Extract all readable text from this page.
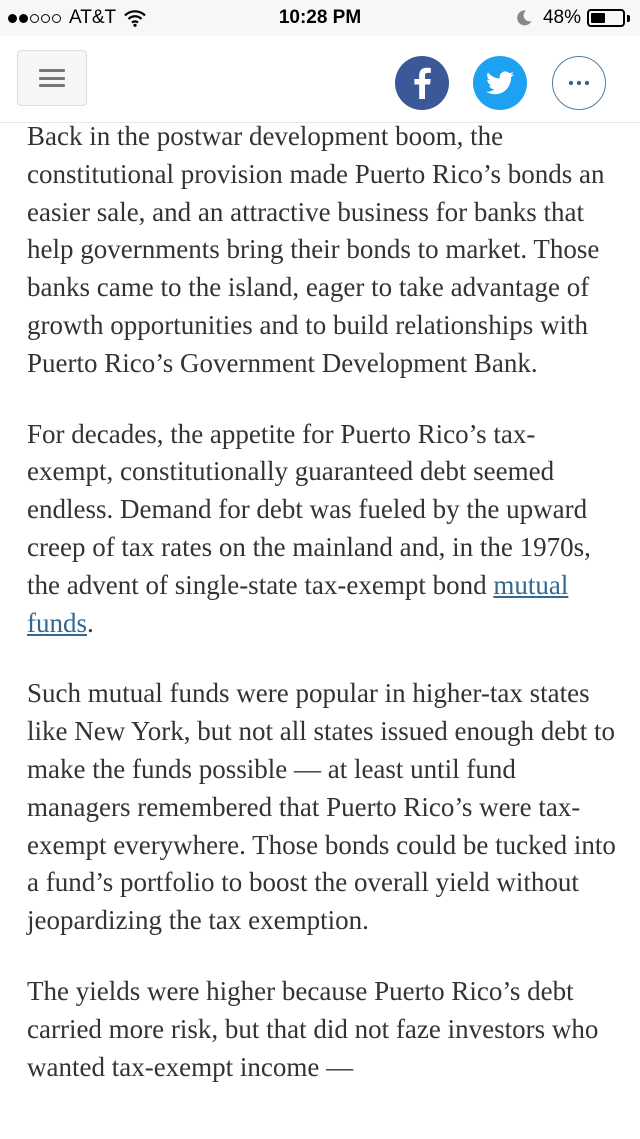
AT&T	10:28 PM	48%

Back in the postwar development boom, the constitutional provision made Puerto Rico’s bonds an easier sale, and an attractive business for banks that help governments bring their bonds to market. Those banks came to the island, eager to take advantage of growth opportunities and to build relationships with Puerto Rico’s Government Development Bank.

For decades, the appetite for Puerto Rico’s tax-exempt, constitutionally guaranteed debt seemed endless. Demand for debt was fueled by the upward creep of tax rates on the mainland and, in the 1970s, the advent of single-state tax-exempt bond mutual funds.

Such mutual funds were popular in higher-tax states like New York, but not all states issued enough debt to make the funds possible — at least until fund managers remembered that Puerto Rico’s were tax-exempt everywhere. Those bonds could be tucked into a fund’s portfolio to boost the overall yield without jeopardizing the tax exemption.

The yields were higher because Puerto Rico’s debt carried more risk, but that did not faze investors who wanted tax-exempt income —
